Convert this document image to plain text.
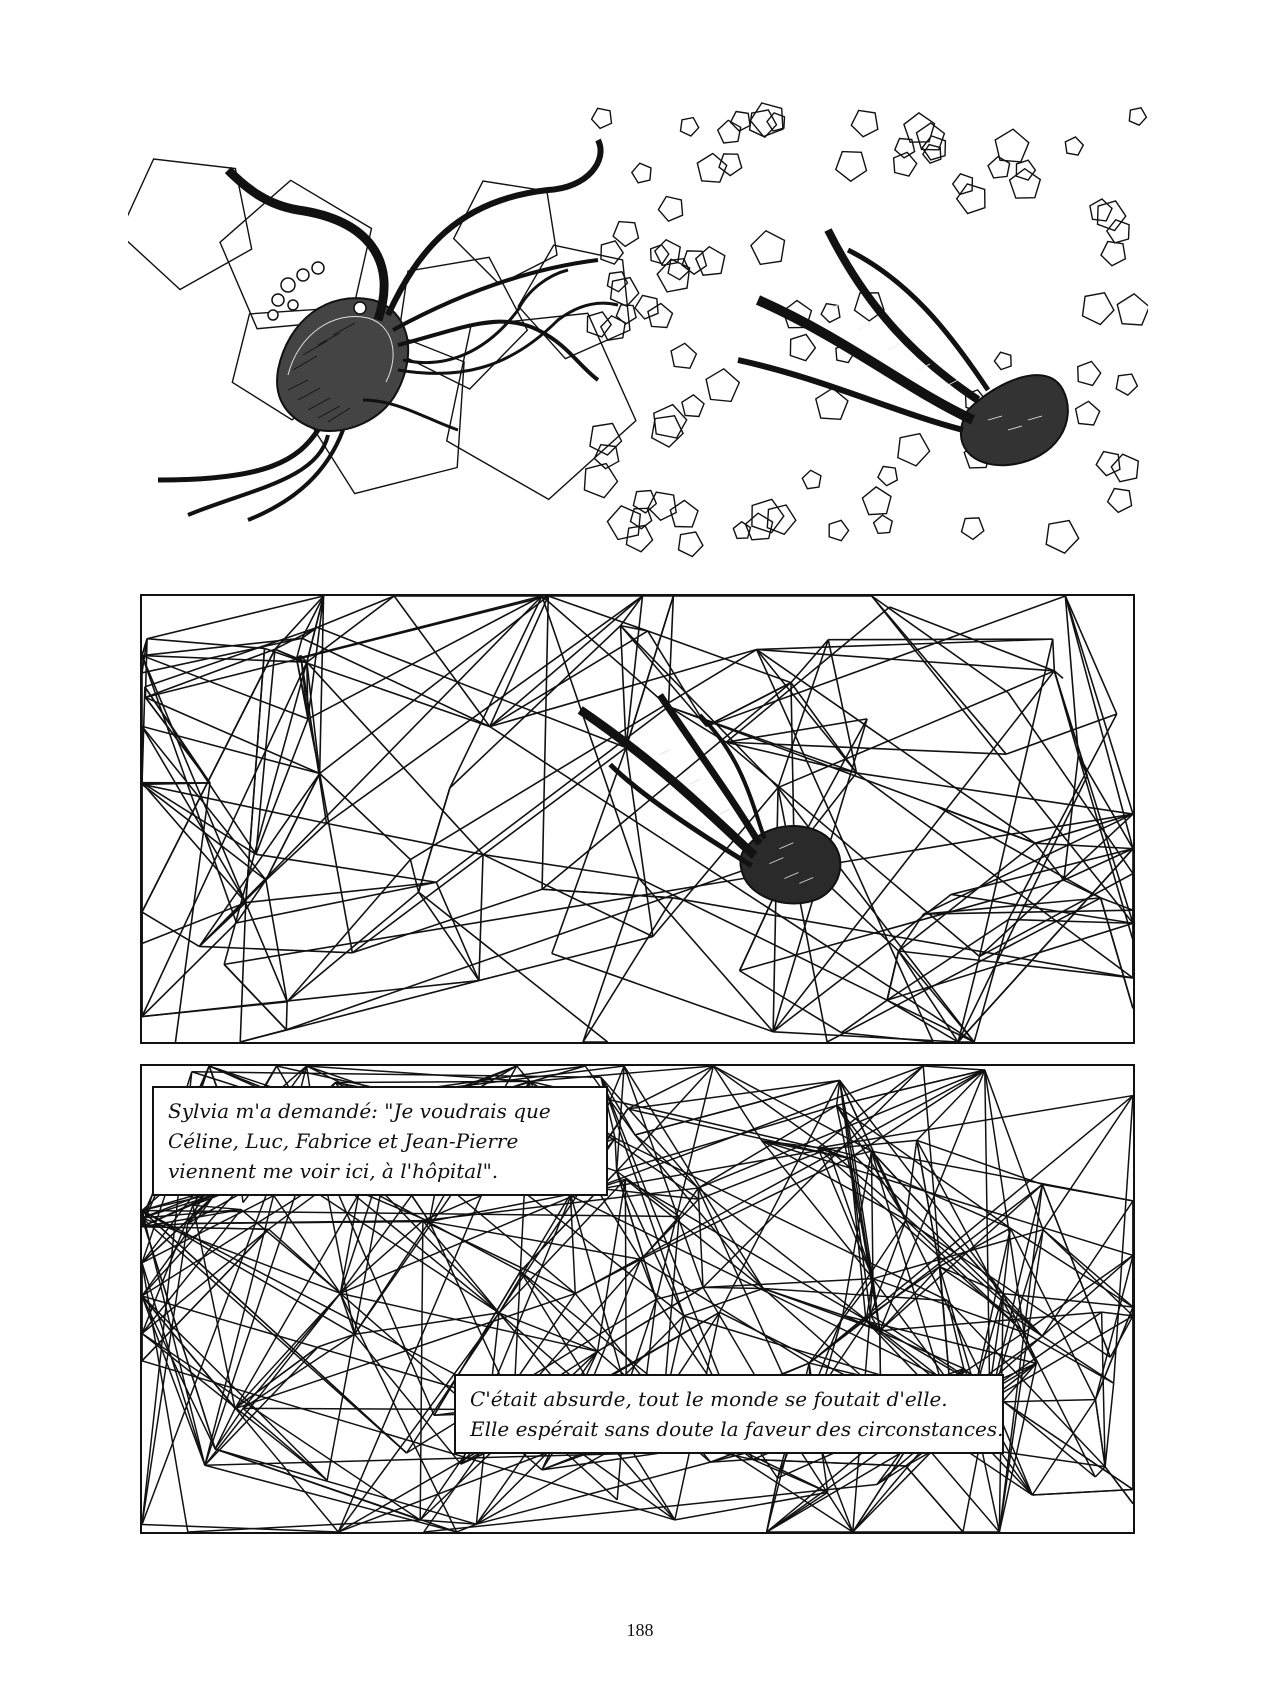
Sylvia m'a demandé: "Je voudrais que

Céline, Luc, Fabrice et Jean-Pierre

viennent me voir ici, à l'hôpital".

C'était absurde, tout le monde se foutait d'elle.

Elle espérait sans doute la faveur des circonstances.

188
